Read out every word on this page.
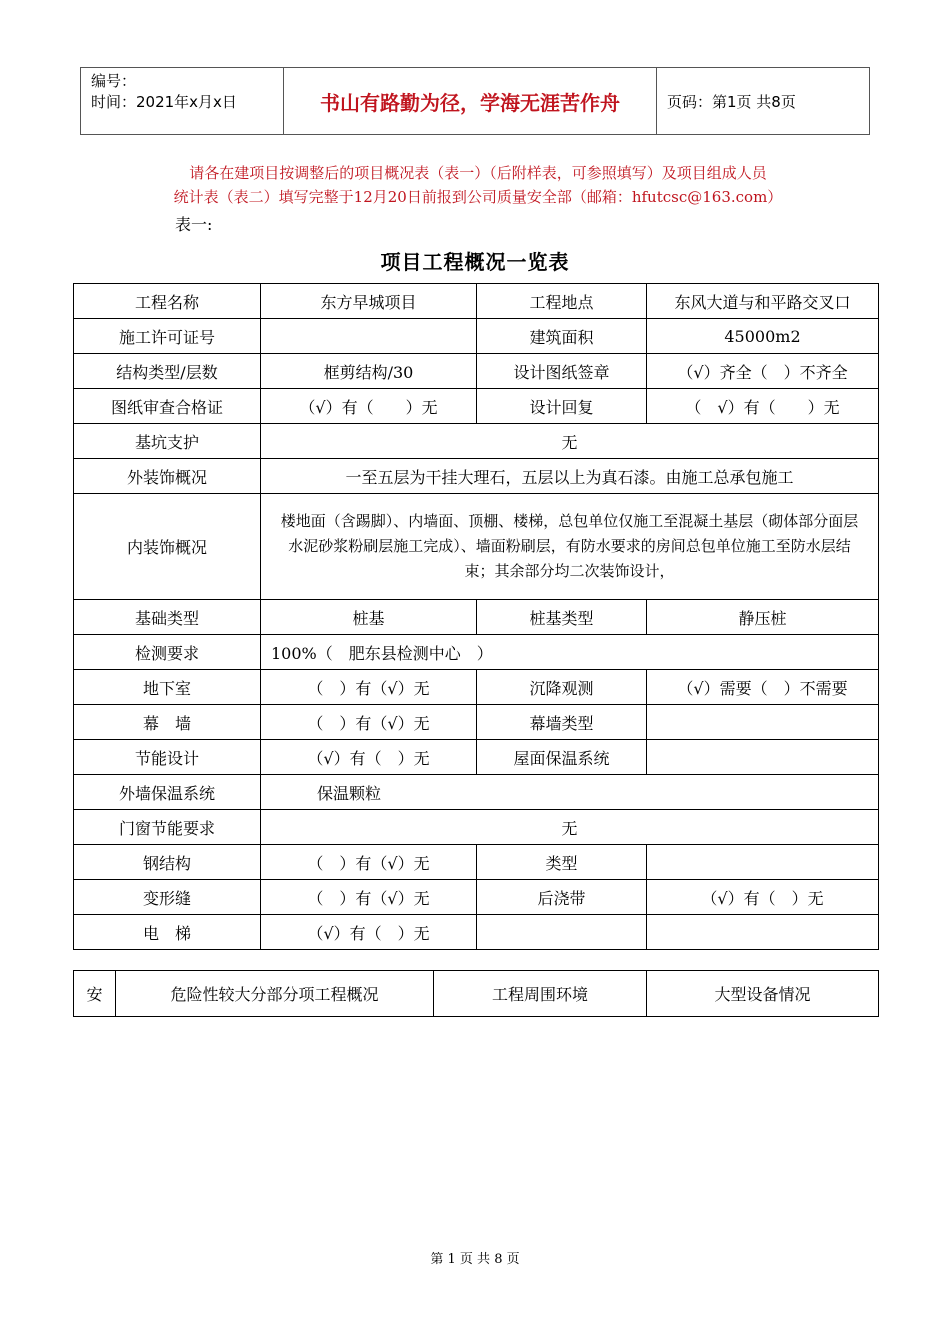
编号：
时间：2021年x月x日	书山有路勤为径，学海无涯苦作舟	页码：第1页 共8页
请各在建项目按调整后的项目概况表（表一）（后附样表，可参照填写）及项目组成人员
统计表（表二）填写完整于12月20日前报到公司质量安全部（邮箱：hfutcsc@163.com）
表一:
项目工程概况一览表
工程名称	东方早城项目	工程地点	东风大道与和平路交叉口
施工许可证号		建筑面积	45000m2
结构类型/层数	框剪结构/30	设计图纸签章	（√）齐全（　）不齐全
图纸审查合格证	（√）有（　　）无	设计回复	（　√）有（　　）无
基坑支护	无		
外装饰概况	一至五层为干挂大理石，五层以上为真石漆。由施工总承包施工		
内装饰概况	楼地面（含踢脚）、内墙面、顶棚、楼梯，总包单位仅施工至混凝土基层（砌体部分面层水泥砂浆粉刷层施工完成）、墙面粉刷层，有防水要求的房间总包单位施工至防水层结束；其余部分均二次装饰设计，		
基础类型	桩基	桩基类型	静压桩
检测要求	100%（　肥东县检测中心　）		
地下室	（　）有（√）无	沉降观测	（√）需要（　）不需要
幕　墙	（　）有（√）无	幕墙类型	
节能设计	（√）有（　）无	屋面保温系统	
外墙保温系统	保温颗粒		
门窗节能要求	无		
钢结构	（　）有（√）无	类型	
变形缝	（　）有（√）无	后浇带	（√）有（　）无
电　梯	（√）有（　）无		
安	危险性较大分部分项工程概况	工程周围环境	大型设备情况
第 1 页 共 8 页
